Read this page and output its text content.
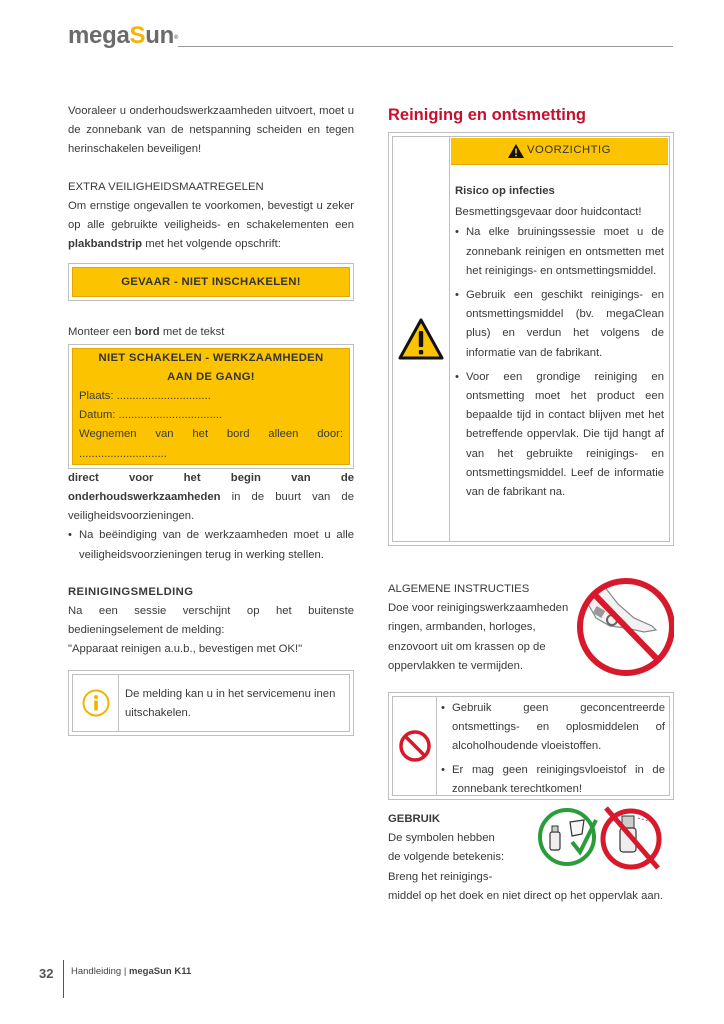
megaSun®

Vooraleer u onderhoudswerkzaamheden uitvoert, moet u de zonnebank van de netspanning scheiden en tegen herinschakelen beveiligen!

EXTRA VEILIGHEIDSMAATREGELEN

Om ernstige ongevallen te voorkomen, bevestigt u zeker op alle gebruikte veiligheids- en schakelementen een plakbandstrip met het volgende opschrift:

GEVAAR - NIET INSCHAKELEN!

Monteer een bord met de tekst

NIET SCHAKELEN - WERKZAAMHEDEN

AAN DE GANG!

Plaats: ..............................

Datum: .................................

Wegnemen van het bord alleen door:

............................

direct voor het begin van de onderhoudswerkzaamheden in de buurt van de veiligheidsvoorzieningen.

• Na beëindiging van de werkzaamheden moet u alle veiligheidsvoorzieningen terug in werking stellen.

REINIGINGSMELDING

Na een sessie verschijnt op het buitenste bedieningselement de melding:

"Apparaat reinigen a.u.b., bevestigen met OK!"

De melding kan u in het servicemenu inen uitschakelen.

Reiniging en ontsmetting

VOORZICHTIG

Risico op infecties

Besmettingsgevaar door huidcontact!

• Na elke bruiningssessie moet u de zonnebank reinigen en ontsmetten met het reinigings- en ontsmettingsmiddel.

• Gebruik een geschikt reinigings- en ontsmettingsmiddel (bv. megaClean plus) en verdun het volgens de informatie van de fabrikant.

• Voor een grondige reiniging en ontsmetting moet het product een bepaalde tijd in contact blijven met het betreffende oppervlak. Die tijd hangt af van het gebruikte reinigings- en ontsmettingsmiddel. Leef de informatie van de fabrikant na.

ALGEMENE INSTRUCTIES

Doe voor reinigingswerkzaamheden ringen, armbanden, horloges, enzovoort uit om krassen op de oppervlakken te vermijden.

• Gebruik geen geconcentreerde ontsmettings- en oplosmiddelen of alcoholhoudende vloeistoffen.

• Er mag geen reinigingsvloeistof in de zonnebank terechtkomen!

GEBRUIK

De symbolen hebben

de volgende betekenis:

Breng het reinigings-

middel op het doek en niet direct op het oppervlak aan.

32 Handleiding | megaSun K11
